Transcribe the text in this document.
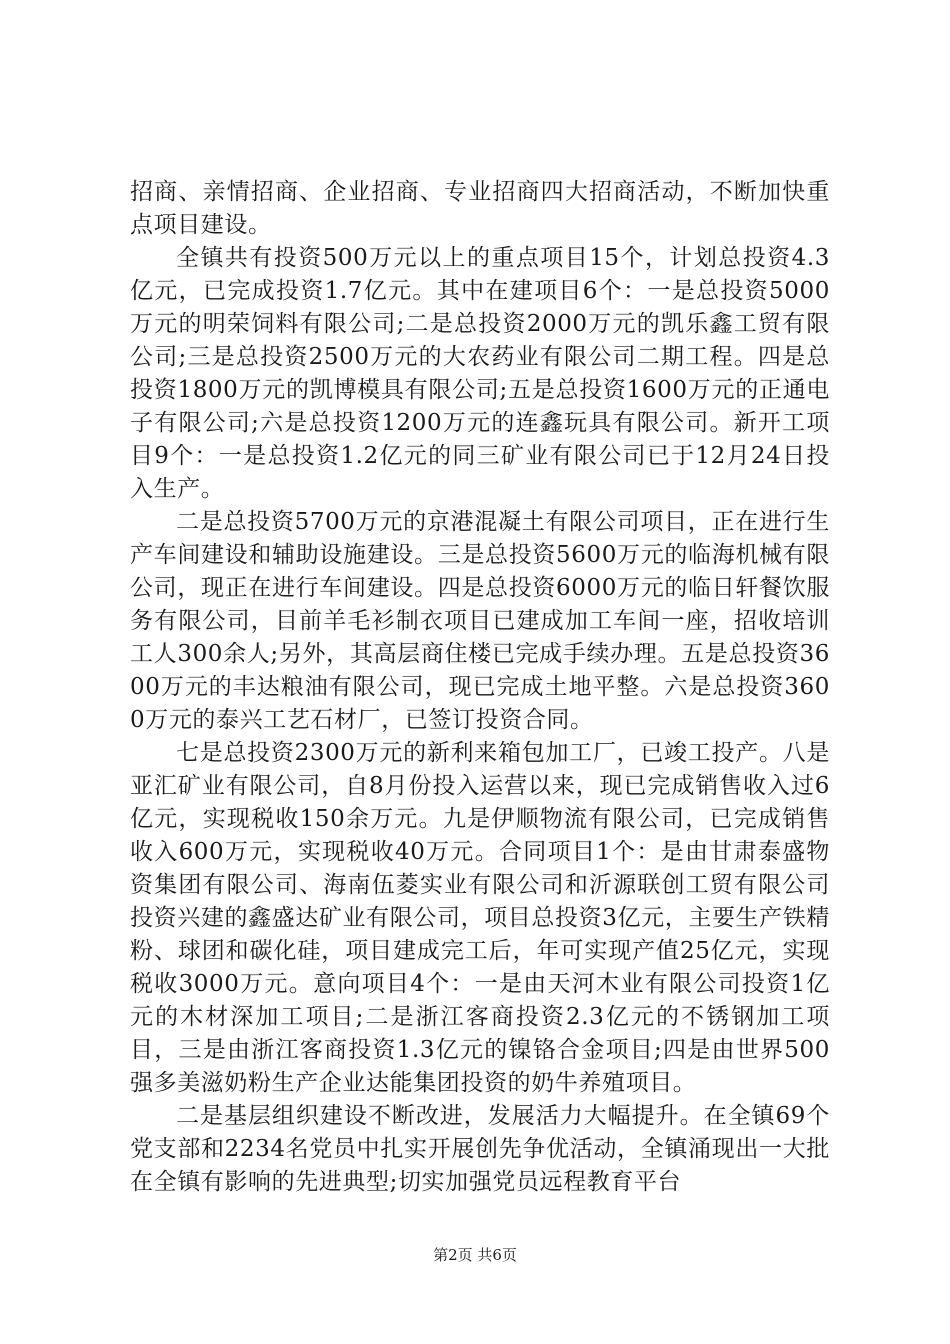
招商、亲情招商、企业招商、专业招商四大招商活动，不断加快重点项目建设。

全镇共有投资500万元以上的重点项目15个，计划总投资4.3亿元，已完成投资1.7亿元。其中在建项目6个：一是总投资5000万元的明荣饲料有限公司;二是总投资2000万元的凯乐鑫工贸有限公司;三是总投资2500万元的大农药业有限公司二期工程。四是总投资1800万元的凯博模具有限公司;五是总投资1600万元的正通电子有限公司;六是总投资1200万元的连鑫玩具有限公司。新开工项目9个：一是总投资1.2亿元的同三矿业有限公司已于12月24日投入生产。

二是总投资5700万元的京港混凝土有限公司项目，正在进行生产车间建设和辅助设施建设。三是总投资5600万元的临海机械有限公司，现正在进行车间建设。四是总投资6000万元的临日轩餐饮服务有限公司，目前羊毛衫制衣项目已建成加工车间一座，招收培训工人300余人;另外，其高层商住楼已完成手续办理。五是总投资3600万元的丰达粮油有限公司，现已完成土地平整。六是总投资3600万元的泰兴工艺石材厂，已签订投资合同。

七是总投资2300万元的新利来箱包加工厂，已竣工投产。八是亚汇矿业有限公司，自8月份投入运营以来，现已完成销售收入过6亿元，实现税收150余万元。九是伊顺物流有限公司，已完成销售收入600万元，实现税收40万元。合同项目1个：是由甘肃泰盛物资集团有限公司、海南伍菱实业有限公司和沂源联创工贸有限公司投资兴建的鑫盛达矿业有限公司，项目总投资3亿元，主要生产铁精粉、球团和碳化硅，项目建成完工后，年可实现产值25亿元，实现税收3000万元。意向项目4个：一是由天河木业有限公司投资1亿元的木材深加工项目;二是浙江客商投资2.3亿元的不锈钢加工项目，三是由浙江客商投资1.3亿元的镍铬合金项目;四是由世界500强多美滋奶粉生产企业达能集团投资的奶牛养殖项目。

二是基层组织建设不断改进，发展活力大幅提升。在全镇69个党支部和2234名党员中扎实开展创先争优活动，全镇涌现出一大批在全镇有影响的先进典型;切实加强党员远程教育平台

第2页 共6页
